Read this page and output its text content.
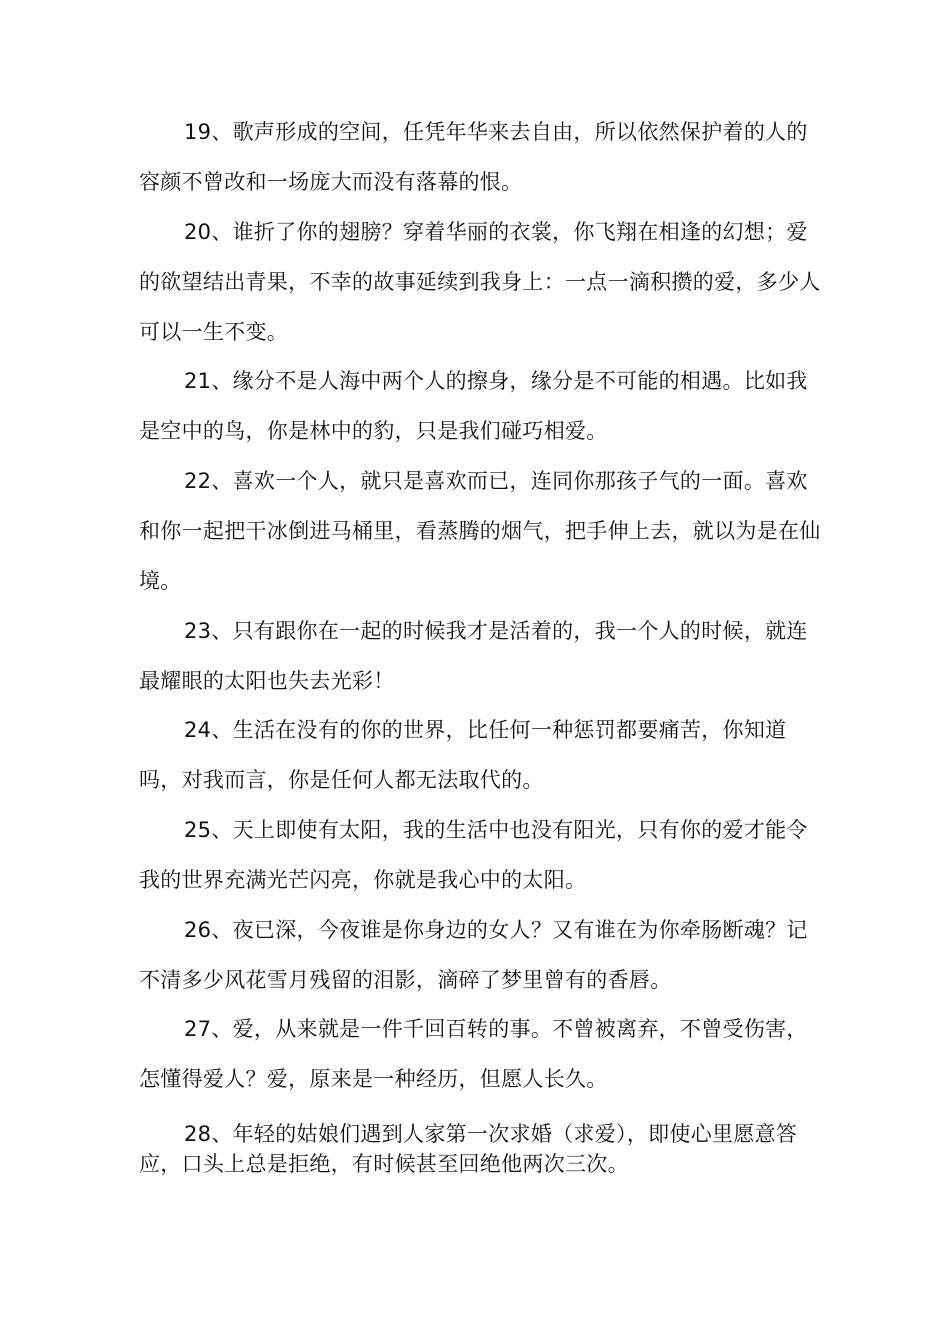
19、歌声形成的空间，任凭年华来去自由，所以依然保护着的人的容颜不曾改和一场庞大而没有落幕的恨。

20、谁折了你的翅膀？穿着华丽的衣裳，你飞翔在相逢的幻想；爱的欲望结出青果，不幸的故事延续到我身上：一点一滴积攒的爱，多少人可以一生不变。

21、缘分不是人海中两个人的擦身，缘分是不可能的相遇。比如我是空中的鸟，你是林中的豹，只是我们碰巧相爱。

22、喜欢一个人，就只是喜欢而已，连同你那孩子气的一面。喜欢和你一起把干冰倒进马桶里，看蒸腾的烟气，把手伸上去，就以为是在仙境。

23、只有跟你在一起的时候我才是活着的，我一个人的时候，就连最耀眼的太阳也失去光彩！

24、生活在没有的你的世界，比任何一种惩罚都要痛苦，你知道吗，对我而言，你是任何人都无法取代的。

25、天上即使有太阳，我的生活中也没有阳光，只有你的爱才能令我的世界充满光芒闪亮，你就是我心中的太阳。

26、夜已深，今夜谁是你身边的女人？又有谁在为你牵肠断魂？记不清多少风花雪月残留的泪影，滴碎了梦里曾有的香唇。

27、爱，从来就是一件千回百转的事。不曾被离弃，不曾受伤害，怎懂得爱人？爱，原来是一种经历，但愿人长久。

28、年轻的姑娘们遇到人家第一次求婚（求爱），即使心里愿意答应，口头上总是拒绝，有时候甚至回绝他两次三次。
